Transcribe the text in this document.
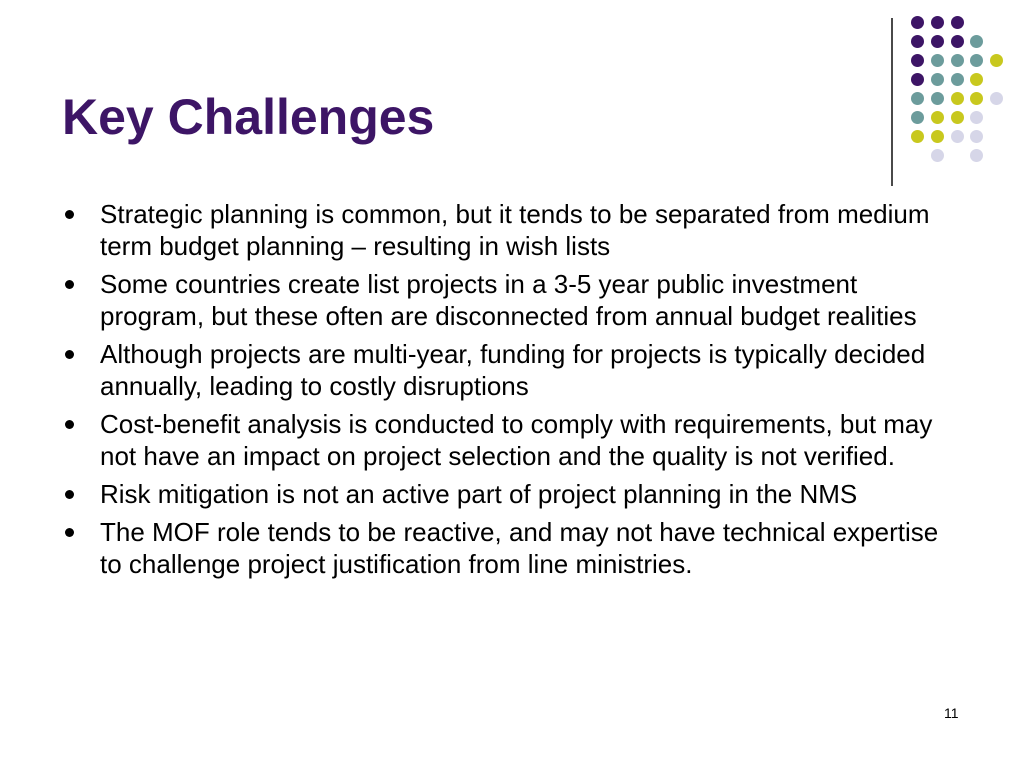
Key Challenges
Strategic planning is common, but it tends to be separated from medium term budget planning – resulting in wish lists
Some countries create list projects in a 3-5 year public investment program, but these often are disconnected from annual budget realities
Although projects are multi-year, funding for projects is typically decided annually, leading to costly disruptions
Cost-benefit analysis is conducted to comply with requirements, but may not have an impact on project selection and the quality is not verified.
Risk mitigation is not an active part of project planning in the NMS
The MOF role tends to be reactive, and may not have technical expertise to challenge project justification from line ministries.
11
